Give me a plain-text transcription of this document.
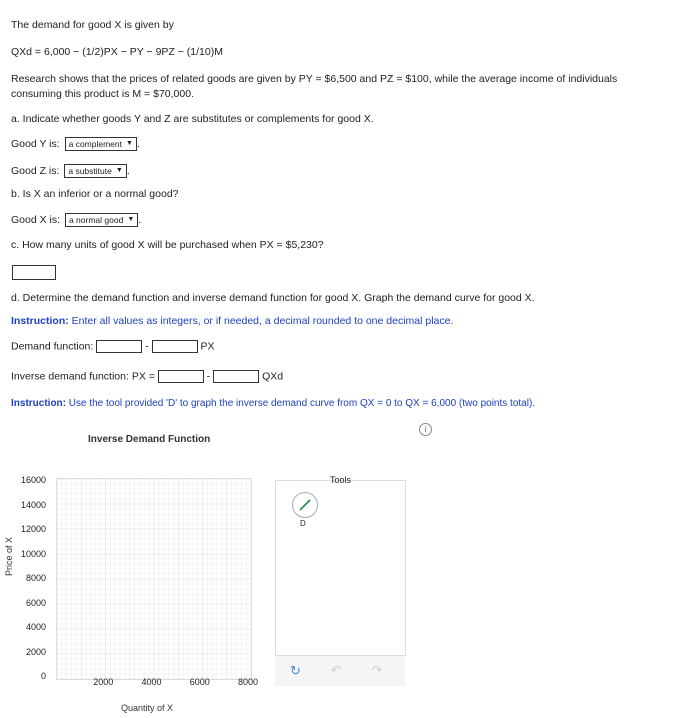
The demand for good X is given by
QXd = 6,000 − (1/2)PX − PY − 9PZ − (1/10)M
Research shows that the prices of related goods are given by PY = $6,500 and PZ = $100, while the average income of individuals
consuming this product is M = $70,000.
a. Indicate whether goods Y and Z are substitutes or complements for good X.
Good Y is: a complement ▼ .
Good Z is: a substitute ▼ .
b. Is X an inferior or a normal good?
Good X is: a normal good ▼ .
c. How many units of good X will be purchased when PX = $5,230?
d. Determine the demand function and inverse demand function for good X. Graph the demand curve for good X.
Instruction: Enter all values as integers, or if needed, a decimal rounded to one decimal place.
Demand function:	-	PX
Inverse demand function: PX =	-	QXd
Instruction: Use the tool provided 'D' to graph the inverse demand curve from QX = 0 to QX = 6,000 (two points total).
i
Inverse Demand Function
Price of X
16000
14000
12000
10000
8000
6000
4000
2000
0
2000	4000	6000	8000
Quantity of X
Tools
D
↻	↶	↷
